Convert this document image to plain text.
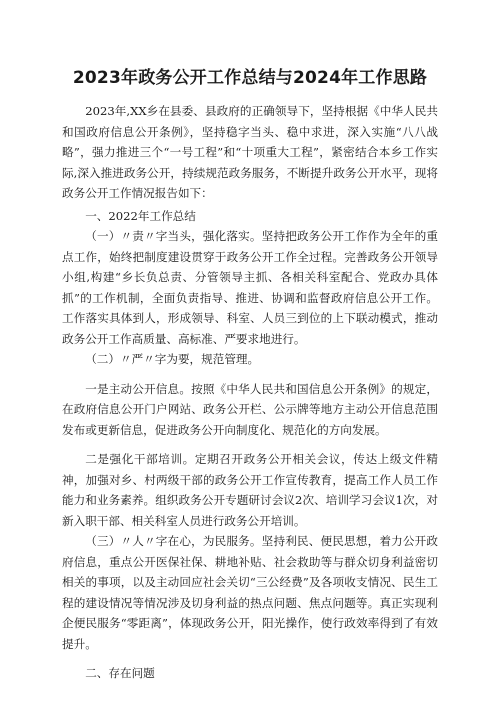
2023年政务公开工作总结与2024年工作思路

2023年,XX乡在县委、县政府的正确领导下，坚持根据《中华人民共和国政府信息公开条例》，坚持稳字当头、稳中求进，深入实施“八八战略”，强力推进三个“一号工程”和“十项重大工程”，紧密结合本乡工作实际,深入推进政务公开，持续规范政务服务，不断提升政务公开水平，现将政务公开工作情况报告如下：

一、2022年工作总结

（一）〃责〃字当头，强化落实。坚持把政务公开工作作为全年的重点工作，始终把制度建设贯穿于政务公开工作全过程。完善政务公开领导小组,构建“乡长负总责、分管领导主抓、各相关科室配合、党政办具体抓”的工作机制，全面负责指导、推进、协调和监督政府信息公开工作。工作落实具体到人，形成领导、科室、人员三到位的上下联动模式，推动政务公开工作高质量、高标准、严要求地进行。

（二）〃严〃字为要，规范管理。

一是主动公开信息。按照《中华人民共和国信息公开条例》的规定，在政府信息公开门户网站、政务公开栏、公示牌等地方主动公开信息范围发布或更新信息，促进政务公开向制度化、规范化的方向发展。

二是强化干部培训。定期召开政务公开相关会议，传达上级文件精神，加强对乡、村两级干部的政务公开工作宣传教育，提高工作人员工作能力和业务素养。组织政务公开专题研讨会议2次、培训学习会议1次，对新入职干部、相关科室人员进行政务公开培训。

（三）〃人〃字在心，为民服务。坚持利民、便民思想，着力公开政府信息，重点公开医保社保、耕地补贴、社会救助等与群众切身利益密切相关的事项，以及主动回应社会关切“三公经费”及各项收支情况、民生工程的建设情况等情况涉及切身利益的热点问题、焦点问题等。真正实现利企便民服务“零距离”，体现政务公开，阳光操作，使行政效率得到了有效提升。

二、存在问题
